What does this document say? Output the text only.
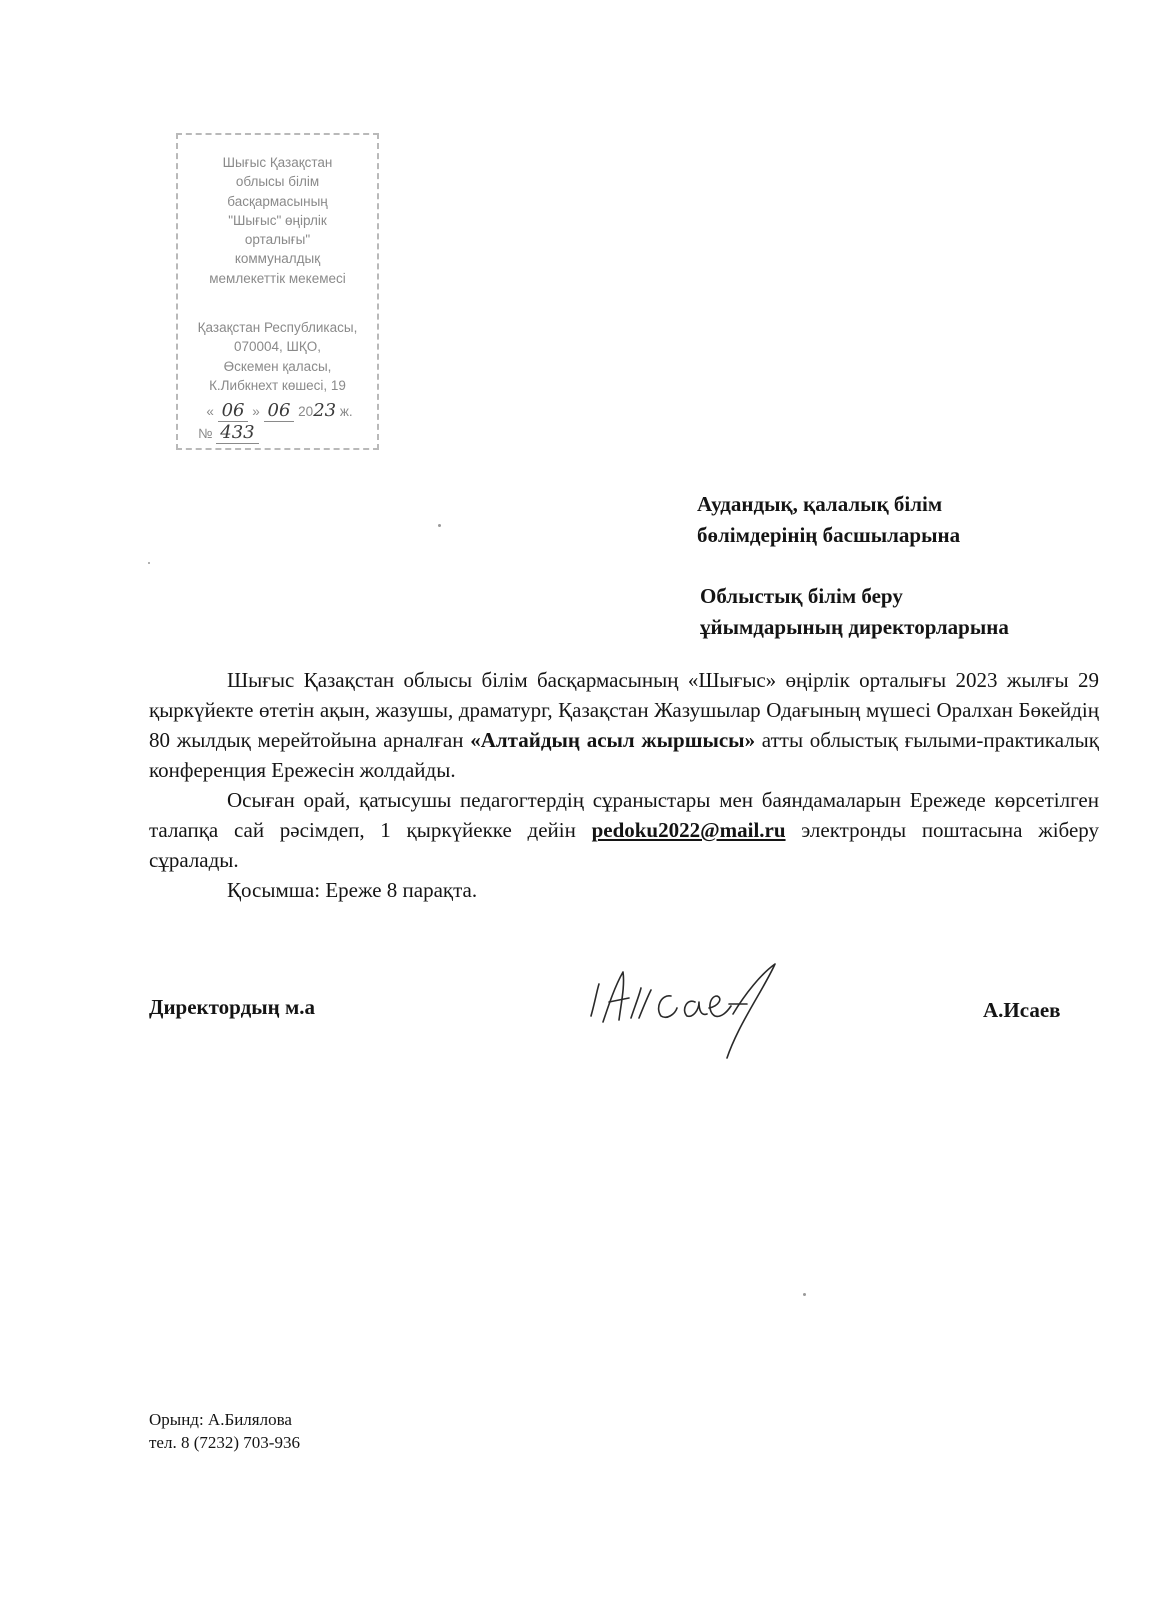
Шығыс Қазақстан
облысы білім
басқармасының
"Шығыс" өңірлік
орталығы"
коммуналдық
мемлекеттік мекемесі
Қазақстан Республикасы,
070004, ШҚО,
Өскемен қаласы,
К.Либкнехт көшесі, 19
« 06 » 06 2023 ж.
№ 433
Аудандық, қалалық білім
бөлімдерінің басшыларына
Облыстық білім беру
ұйымдарының директорларына

Шығыс Қазақстан облысы білім басқармасының «Шығыс» өңірлік орталығы 2023 жылғы 29 қыркүйекте өтетін ақын, жазушы, драматург, Қазақстан Жазушылар Одағының мүшесі Оралхан Бөкейдің 80 жылдық мерейтойына арналған «Алтайдың асыл жыршысы» атты облыстық ғылыми-практикалық конференция Ережесін жолдайды.

Осыған орай, қатысушы педагогтердің сұраныстары мен баяндамаларын Ережеде көрсетілген талапқа сай рәсімдеп, 1 қыркүйекке дейін pedoku2022@mail.ru электронды поштасына жіберу сұралады.

Қосымша: Ереже 8 парақта.

Директордың м.а	А.Исаев
Орынд: А.Билялова
тел. 8 (7232) 703-936
